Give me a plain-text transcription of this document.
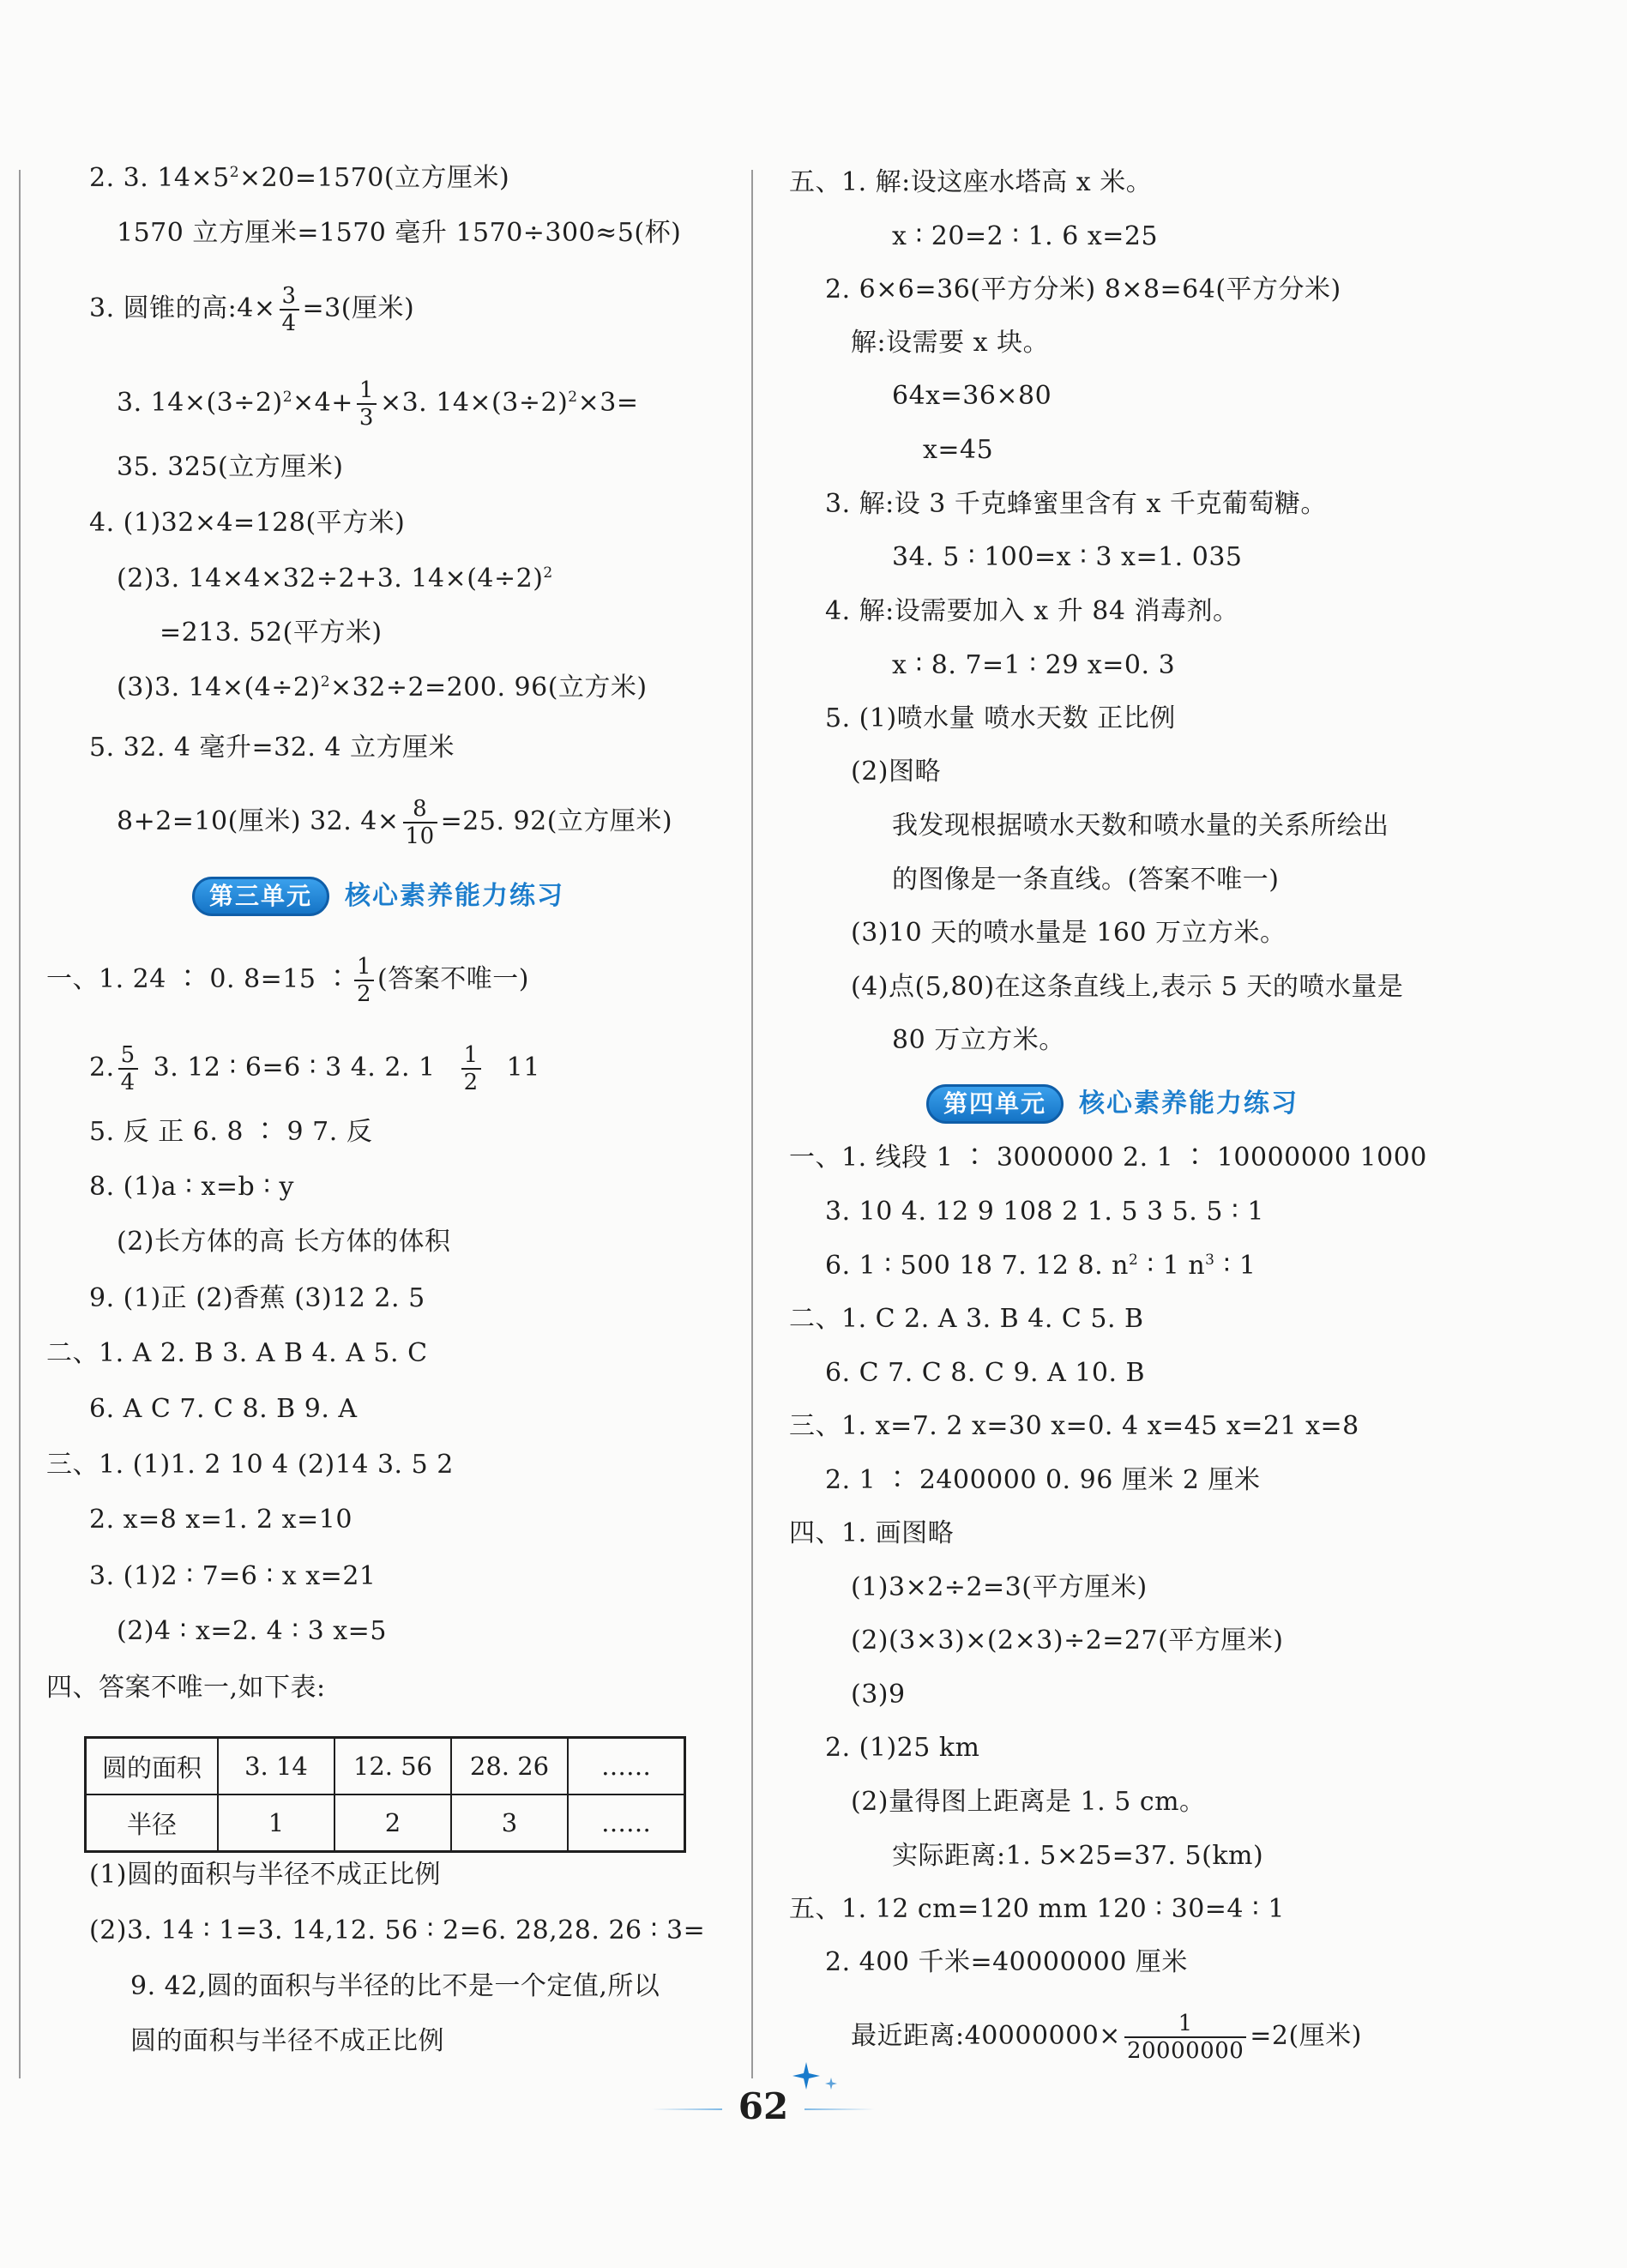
2. 3. $14\times 5^2\times 20=1570$(立方厘米)
1570 立方厘米=1570 毫升 1570÷300≈5(杯)
3. 圆锥的高:4× $\frac{3}{4} =3$(厘米)
3. $14\times(3\div 2)^2\times 4+ \frac{1}{3} \times 3$. $14\times(3\div 2)^2\times 3=$
35. 325(立方厘米)
4. (1)32×4=128(平方米)
(2)3. 14×4×32÷2+3. $14\times(4\div 2)^2$
=213. 52(平方米)
(3)3. $14\times(4\div 2)^2\times 32\div 2=200$. 96(立方米)
5. 32. 4 毫升=32. 4 立方厘米
8+2=10(厘米) 32. $4\times \frac{8}{10} =25$. 92(立方厘米)
第三单元	核心素养能力练习
一、1. 24 ∶ 0. 8=15 ∶ $\frac{1}{2}$ (答案不唯一)
2. $\frac{5}{4} 3$. 12 ∶ 6=6 ∶ 3 4. 2. $1 \frac{1}{2} 11$
5. 反 正 6. 8 ∶ 9 7. 反
8. (1)a ∶ x=b ∶ y
(2)长方体的高 长方体的体积
9. (1)正 (2)香蕉 (3)12 2. 5
二、1. A 2. B 3. A B 4. A 5. C
6. A C 7. C 8. B 9. A
三、1. (1)1. 2 10 4 (2)14 3. 5 2
2. x=8 x=1. 2 x=10
3. (1)2 ∶ 7=6 ∶ x x=21
(2)4 ∶ x=2. 4 ∶ 3 x=5
四、答案不唯一,如下表:
圆的面积	3. 14	12. 56	28. 26	……
半径	1	2	3	……
(1)圆的面积与半径不成正比例
(2)3. 14 ∶ 1=3. 14,12. 56 ∶ 2=6. 28,28. 26 ∶ 3=
9. 42,圆的面积与半径的比不是一个定值,所以
圆的面积与半径不成正比例
五、1. 解:设这座水塔高 x 米。
x ∶ 20=2 ∶ 1. 6 x=25
2. 6×6=36(平方分米) 8×8=64(平方分米)
解:设需要 x 块。
64x=36×80
x=45
3. 解:设 3 千克蜂蜜里含有 x 千克葡萄糖。
34. 5 ∶ 100=x ∶ 3 x=1. 035
4. 解:设需要加入 x 升 84 消毒剂。
x ∶ 8. 7=1 ∶ 29 x=0. 3
5. (1)喷水量 喷水天数 正比例
(2)图略
我发现根据喷水天数和喷水量的关系所绘出
的图像是一条直线。(答案不唯一)
(3)10 天的喷水量是 160 万立方米。
(4)点(5,80)在这条直线上,表示 5 天的喷水量是
80 万立方米。
第四单元	核心素养能力练习
一、1. 线段 1 ∶ 3000000 2. 1 ∶ 10000000 1000
3. 10 4. 12 9 108 2 1. 5 3 5. 5 ∶ 1
6. 1 ∶ 500 18 7. 12 8. $n^2$ ∶ 1 $n^3$ ∶ 1
二、1. C 2. A 3. B 4. C 5. B
6. C 7. C 8. C 9. A 10. B
三、1. x=7. 2 x=30 x=0. 4 x=45 x=21 x=8
2. 1 ∶ 2400000 0. 96 厘米 2 厘米
四、1. 画图略
(1)3×2÷2=3(平方厘米)
(2)(3×3)×(2×3)÷2=27(平方厘米)
(3)9
2. (1)25 km
(2)量得图上距离是 1. 5 cm。
实际距离:1. 5×25=37. 5(km)
五、1. 12 cm=120 mm 120 ∶ 30=4 ∶ 1
2. 400 千米=40000000 厘米
最近距离:40000000× $\frac{1}{20000000} =2$(厘米)
62
